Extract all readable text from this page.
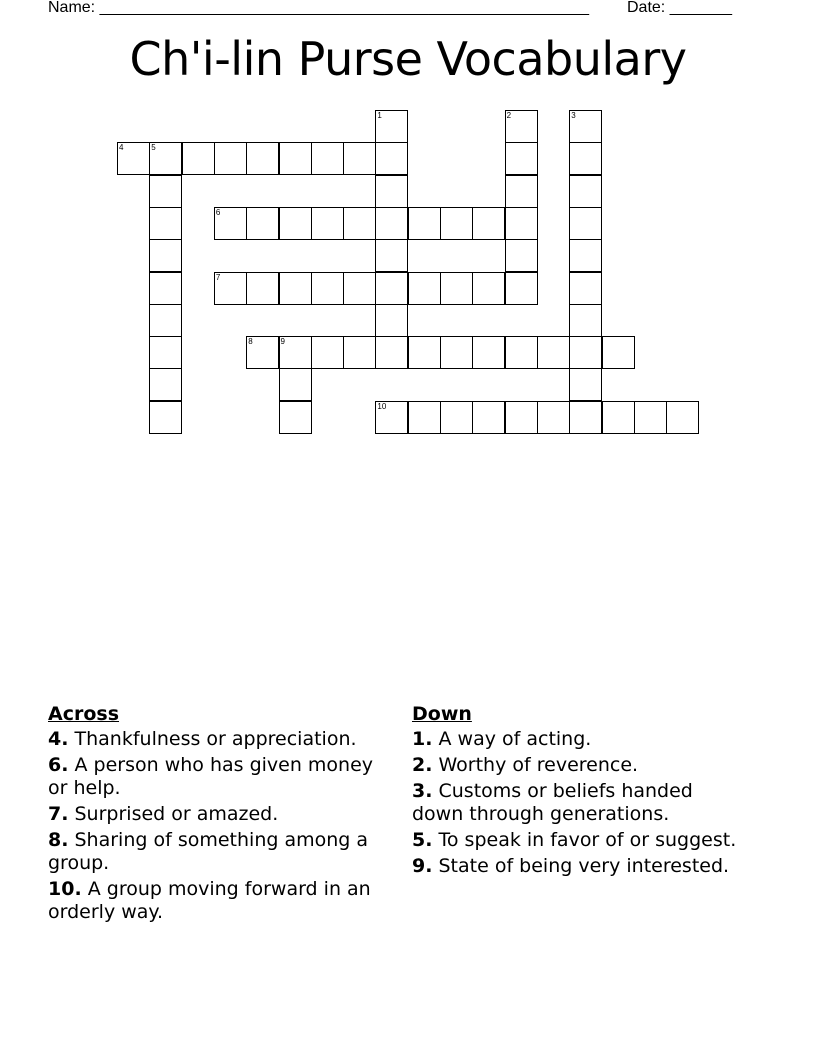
Name: _______________________________________________________ Date: _______
Ch'i-lin Purse Vocabulary
4	5
6
7
8	9
10
1	2	3
Across
4. Thankfulness or appreciation.
6. A person who has given money or help.
7. Surprised or amazed.
8. Sharing of something among a group.
10. A group moving forward in an orderly way.
Down
1. A way of acting.
2. Worthy of reverence.
3. Customs or beliefs handed down through generations.
5. To speak in favor of or suggest.
9. State of being very interested.
